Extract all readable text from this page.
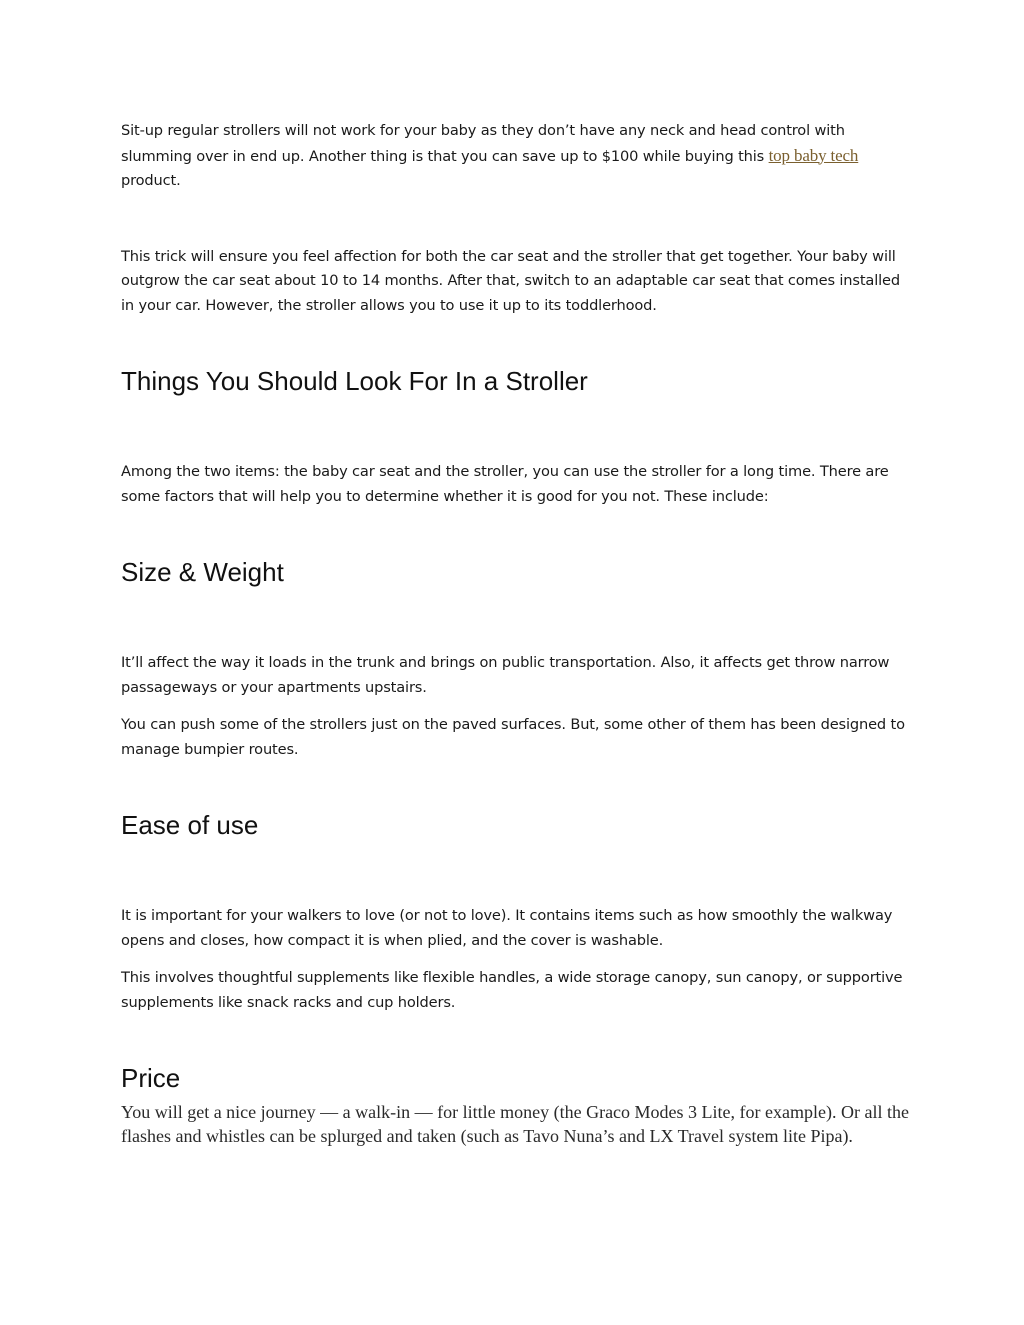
Sit-up regular strollers will not work for your baby as they don’t have any neck and head control with slumming over in end up. Another thing is that you can save up to $100 while buying this top baby tech product.

This trick will ensure you feel affection for both the car seat and the stroller that get together. Your baby will outgrow the car seat about 10 to 14 months. After that, switch to an adaptable car seat that comes installed in your car. However, the stroller allows you to use it up to its toddlerhood.

Things You Should Look For In a Stroller

Among the two items: the baby car seat and the stroller, you can use the stroller for a long time. There are some factors that will help you to determine whether it is good for you not. These include:

Size & Weight

It’ll affect the way it loads in the trunk and brings on public transportation. Also, it affects get throw narrow passageways or your apartments upstairs.

You can push some of the strollers just on the paved surfaces. But, some other of them has been designed to manage bumpier routes.

Ease of use

It is important for your walkers to love (or not to love). It contains items such as how smoothly the walkway opens and closes, how compact it is when plied, and the cover is washable.

This involves thoughtful supplements like flexible handles, a wide storage canopy, sun canopy, or supportive supplements like snack racks and cup holders.

Price

You will get a nice journey — a walk-in — for little money (the Graco Modes 3 Lite, for example). Or all the flashes and whistles can be splurged and taken (such as Tavo Nuna’s and LX Travel system lite Pipa).
